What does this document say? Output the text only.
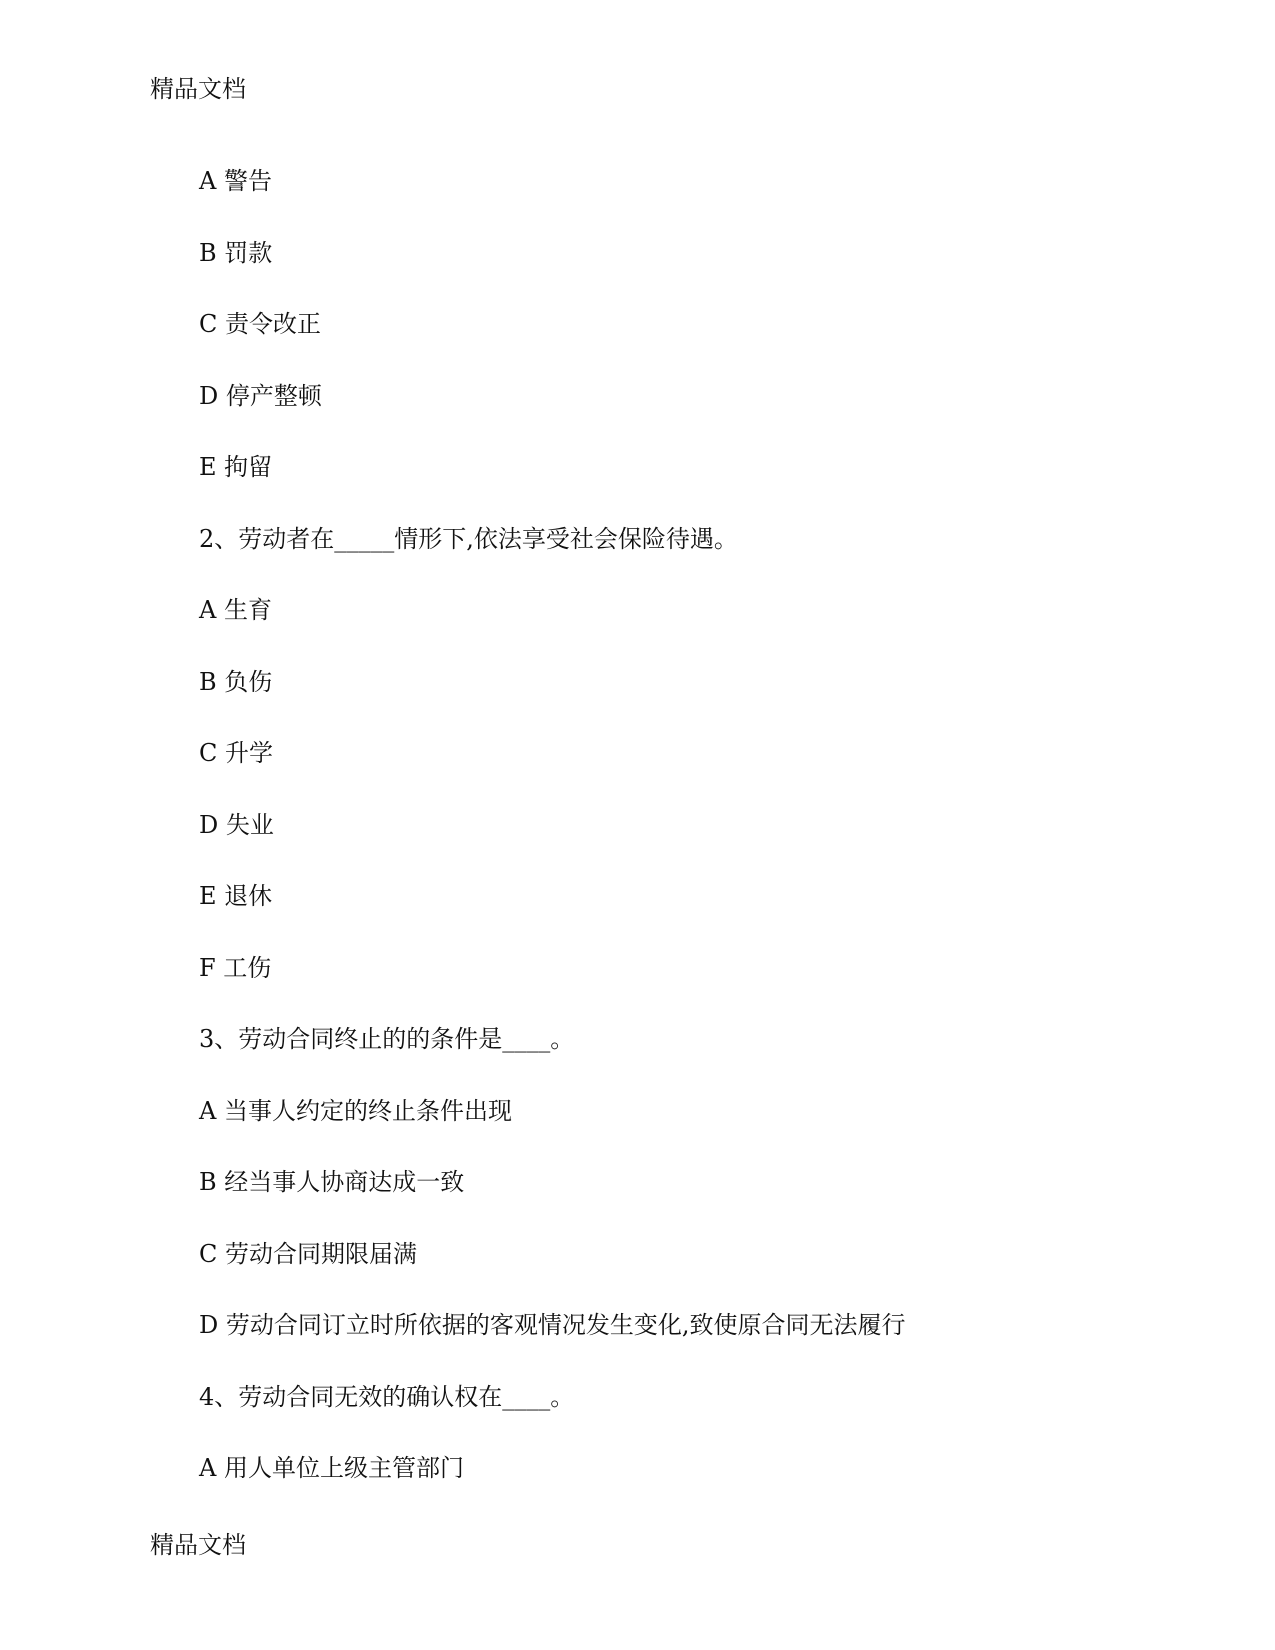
精品文档
A 警告
B 罚款
C 责令改正
D 停产整顿
E 拘留
2、劳动者在_____情形下,依法享受社会保险待遇。
A 生育
B 负伤
C 升学
D 失业
E 退休
F 工伤
3、劳动合同终止的的条件是____。
A 当事人约定的终止条件出现
B 经当事人协商达成一致
C 劳动合同期限届满
D 劳动合同订立时所依据的客观情况发生变化,致使原合同无法履行
4、劳动合同无效的确认权在____。
A 用人单位上级主管部门
精品文档
